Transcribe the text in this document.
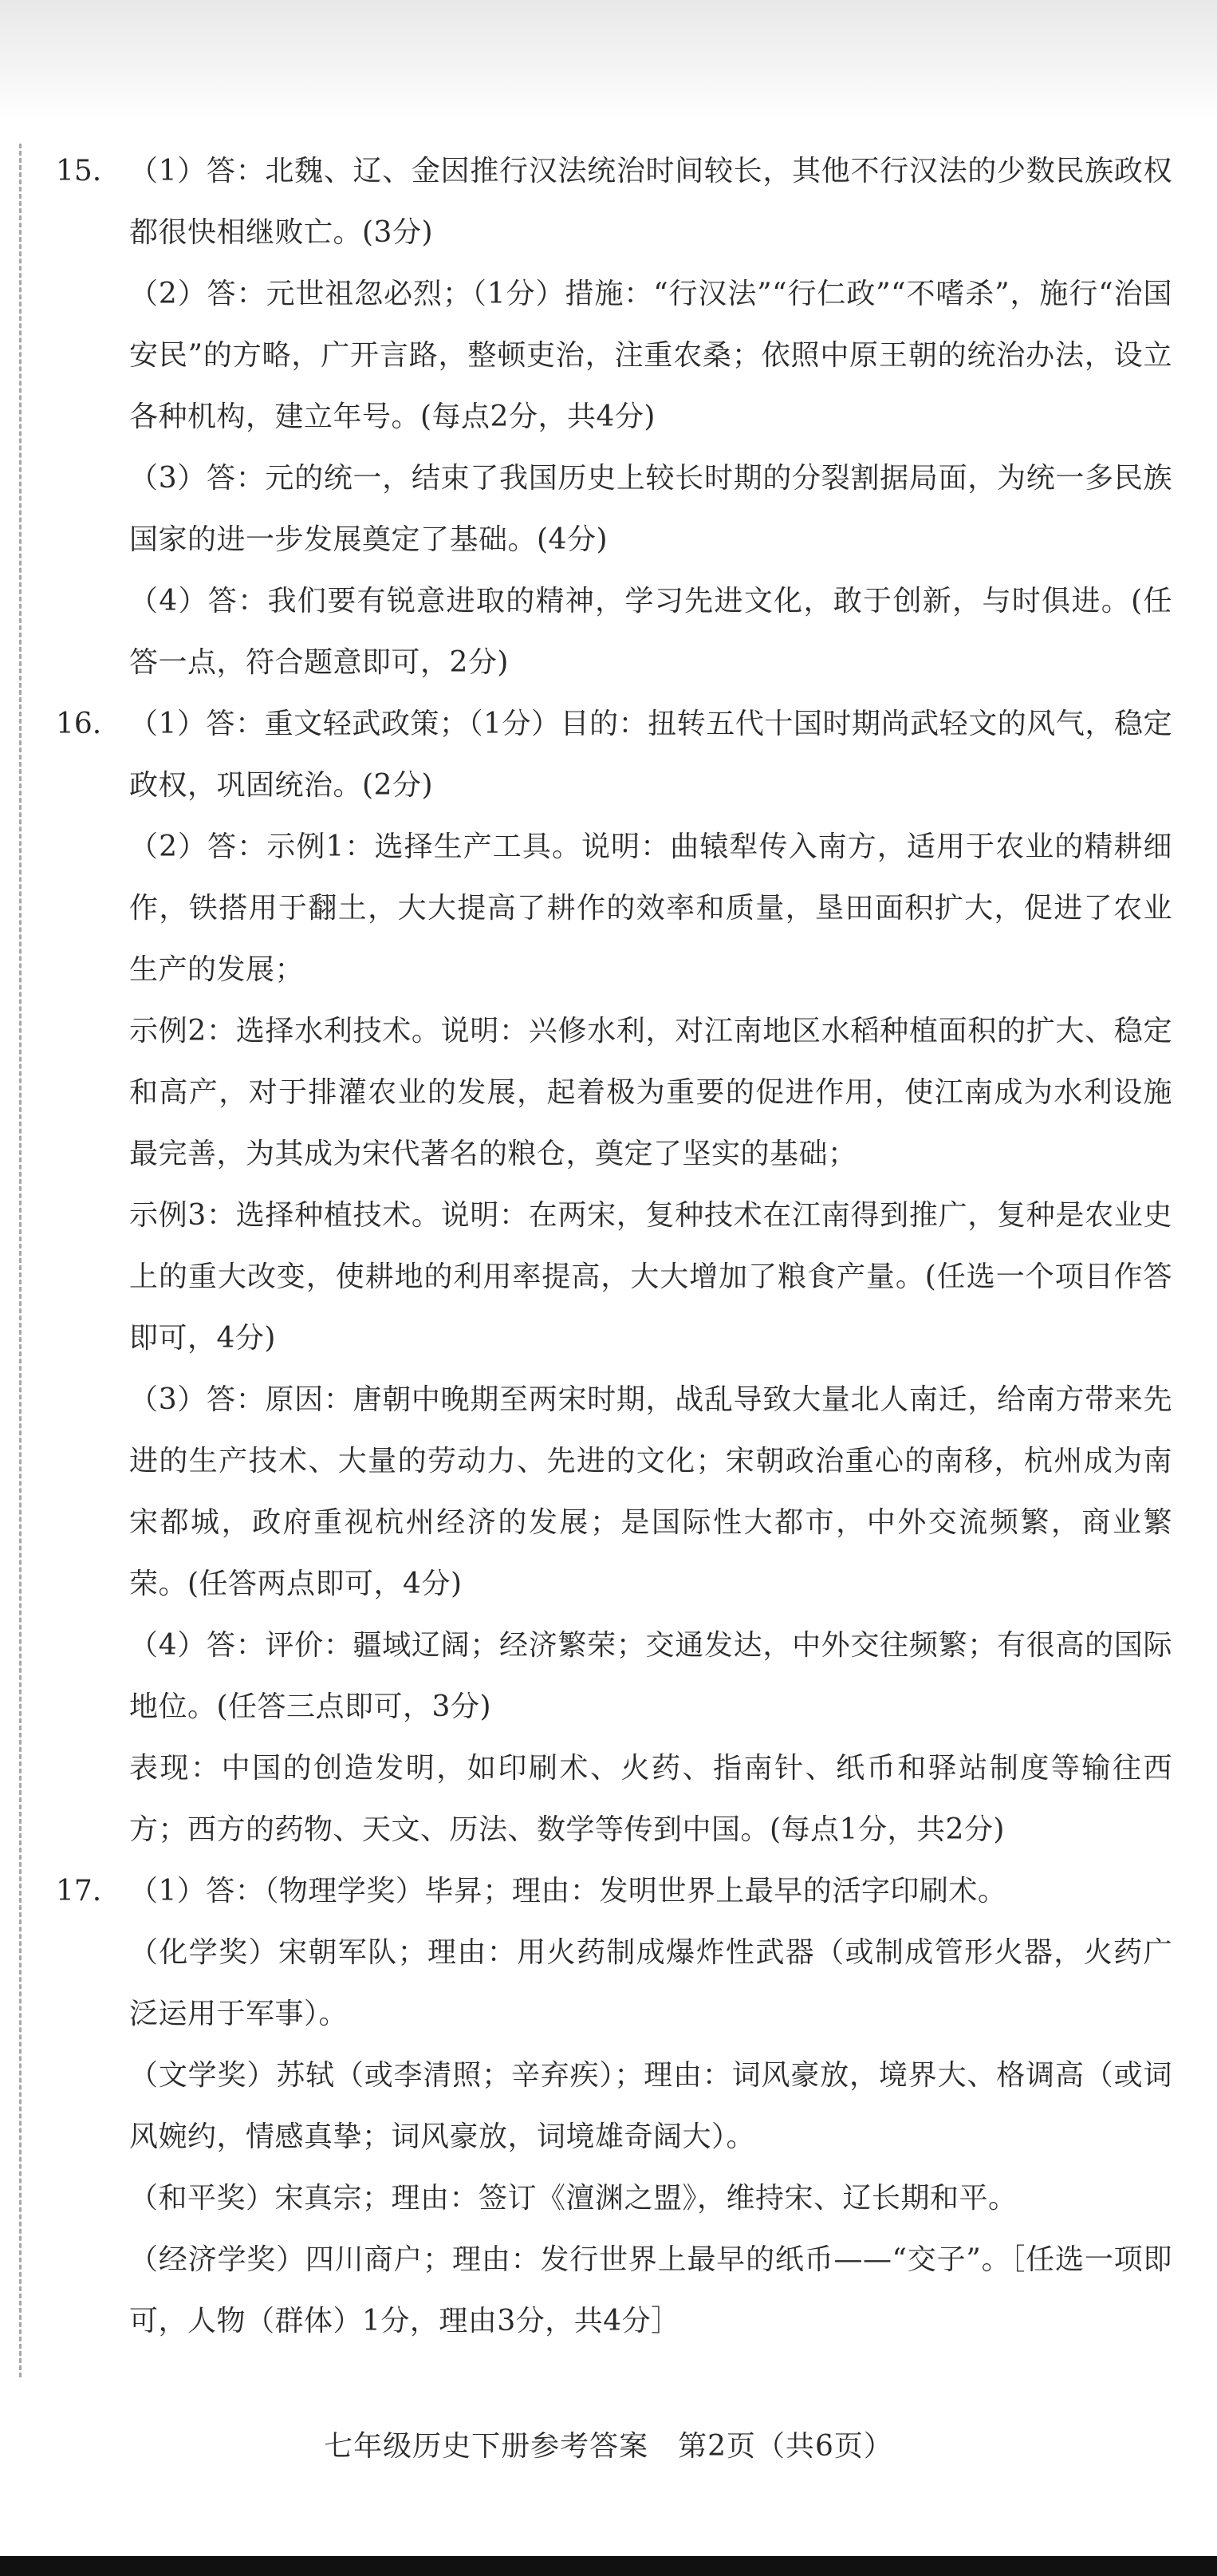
15. （1）答：北魏、辽、金因推行汉法统治时间较长，其他不行汉法的少数民族政权都很快相继败亡。(3分)

（2）答：元世祖忽必烈；（1分）措施：“行汉法”“行仁政”“不嗜杀”，施行“治国安民”的方略，广开言路，整顿吏治，注重农桑；依照中原王朝的统治办法，设立各种机构，建立年号。(每点2分，共4分)

（3）答：元的统一，结束了我国历史上较长时期的分裂割据局面，为统一多民族国家的进一步发展奠定了基础。(4分)

（4）答：我们要有锐意进取的精神，学习先进文化，敢于创新，与时俱进。(任答一点，符合题意即可，2分)

16. （1）答：重文轻武政策；（1分）目的：扭转五代十国时期尚武轻文的风气，稳定政权，巩固统治。(2分)

（2）答：示例1：选择生产工具。说明：曲辕犁传入南方，适用于农业的精耕细作，铁搭用于翻土，大大提高了耕作的效率和质量，垦田面积扩大，促进了农业生产的发展；

示例2：选择水利技术。说明：兴修水利，对江南地区水稻种植面积的扩大、稳定和高产，对于排灌农业的发展，起着极为重要的促进作用，使江南成为水利设施最完善，为其成为宋代著名的粮仓，奠定了坚实的基础；

示例3：选择种植技术。说明：在两宋，复种技术在江南得到推广，复种是农业史上的重大改变，使耕地的利用率提高，大大增加了粮食产量。(任选一个项目作答即可，4分)

（3）答：原因：唐朝中晚期至两宋时期，战乱导致大量北人南迁，给南方带来先进的生产技术、大量的劳动力、先进的文化；宋朝政治重心的南移，杭州成为南宋都城，政府重视杭州经济的发展；是国际性大都市，中外交流频繁，商业繁荣。(任答两点即可，4分)

（4）答：评价：疆域辽阔；经济繁荣；交通发达，中外交往频繁；有很高的国际地位。(任答三点即可，3分)

表现：中国的创造发明，如印刷术、火药、指南针、纸币和驿站制度等输往西方；西方的药物、天文、历法、数学等传到中国。(每点1分，共2分)

17. （1）答：（物理学奖）毕昇；理由：发明世界上最早的活字印刷术。

（化学奖）宋朝军队；理由：用火药制成爆炸性武器（或制成管形火器，火药广泛运用于军事）。

（文学奖）苏轼（或李清照；辛弃疾）；理由：词风豪放，境界大、格调高（或词风婉约，情感真挚；词风豪放，词境雄奇阔大）。

（和平奖）宋真宗；理由：签订《澶渊之盟》，维持宋、辽长期和平。

（经济学奖）四川商户；理由：发行世界上最早的纸币——“交子”。［任选一项即可，人物（群体）1分，理由3分，共4分］

七年级历史下册参考答案　第2页（共6页）
